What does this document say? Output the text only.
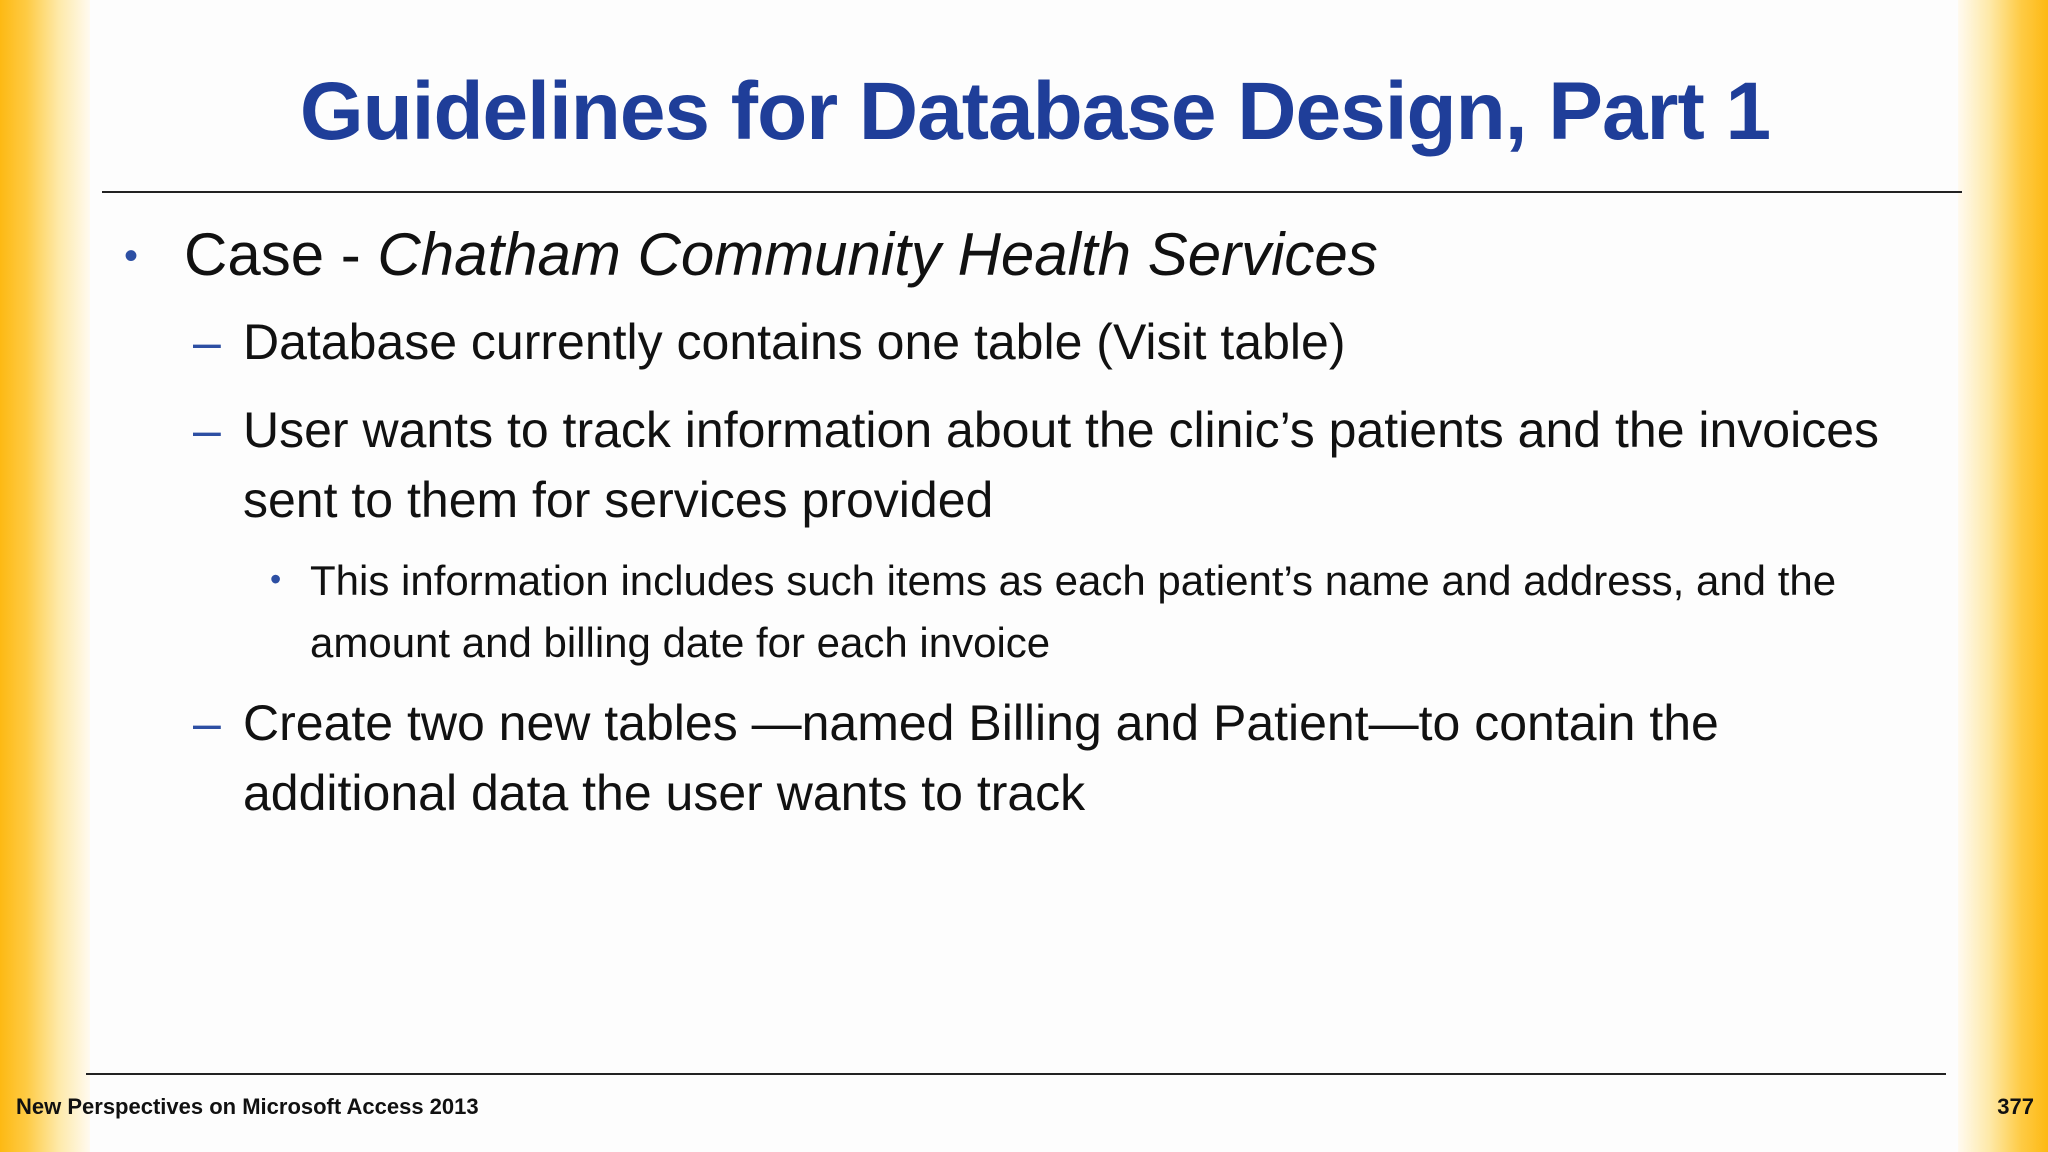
Guidelines for Database Design, Part 1
• Case - Chatham Community Health Services
– Database currently contains one table (Visit table)
– User wants to track information about the clinic’s patients and the invoices sent to them for services provided
• This information includes such items as each patient’s name and address, and the amount and billing date for each invoice
– Create two new tables —named Billing and Patient—to contain the additional data the user wants to track
New Perspectives on Microsoft Access 2013	377
